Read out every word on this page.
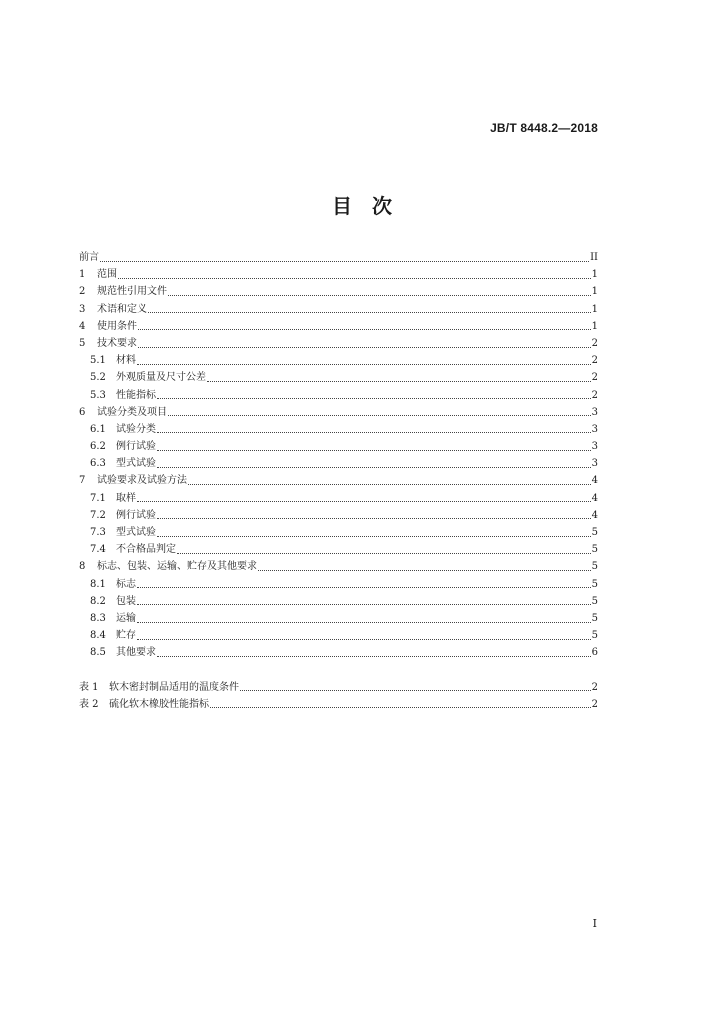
JB/T 8448.2—2018
目　次
前言	II
1	范围	1
2	规范性引用文件	1
3	术语和定义	1
4	使用条件	1
5	技术要求	2
5.1	材料	2
5.2	外观质量及尺寸公差	2
5.3	性能指标	2
6	试验分类及项目	3
6.1	试验分类	3
6.2	例行试验	3
6.3	型式试验	3
7	试验要求及试验方法	4
7.1	取样	4
7.2	例行试验	4
7.3	型式试验	5
7.4	不合格品判定	5
8	标志、包装、运输、贮存及其他要求	5
8.1	标志	5
8.2	包装	5
8.3	运输	5
8.4	贮存	5
8.5	其他要求	6
表 1	软木密封制品适用的温度条件	2
表 2	硫化软木橡胶性能指标	2
I
